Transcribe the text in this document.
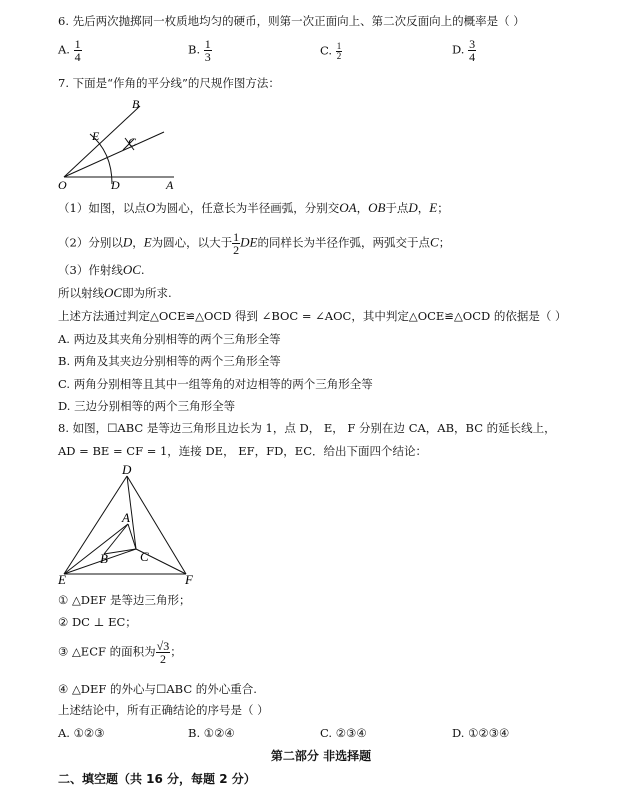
6. 先后两次抛掷同一枚质地均匀的硬币，则第一次正面向上、第二次反面向上的概率是（ ）
A. $\frac{1}{4}$	B. $\frac{1}{3}$	C. $\frac{1}{2}$	D. $\frac{3}{4}$
7. 下面是“作角的平分线”的尺规作图方法：
B
E C
O	D	A
（1）如图，以点O为圆心，任意长为半径画弧，分别交OA，OB于点D，E；
（2）分别以D，E为圆心，以大于 $\frac{1}{2}$ DE的同样长为半径作弧，两弧交于点C；
（3）作射线OC.
所以射线OC即为所求.
上述方法通过判定△OCE≌△OCD 得到 ∠BOC = ∠AOC，其中判定△OCE≌△OCD 的依据是（ ）
A. 两边及其夹角分别相等的两个三角形全等
B. 两角及其夹边分别相等的两个三角形全等
C. 两角分别相等且其中一组等角的对边相等的两个三角形全等
D. 三边分别相等的两个三角形全等
8. 如图，☐ABC 是等边三角形且边长为 1，点 D， E， F 分别在边 CA，AB，BC 的延长线上，
AD = BE = CF = 1，连接 DE， EF，FD，EC．给出下面四个结论：
D
A
B C
E	F
① △DEF 是等边三角形；
② DC ⊥ EC；
③ △ECF 的面积为 $\frac{√3}{2}$ ；
④ △DEF 的外心与☐ABC 的外心重合.
上述结论中，所有正确结论的序号是（ ）
A. ①②③	B. ①②④	C. ②③④	D. ①②③④
第二部分 非选择题
二、填空题（共 16 分，每题 2 分）
